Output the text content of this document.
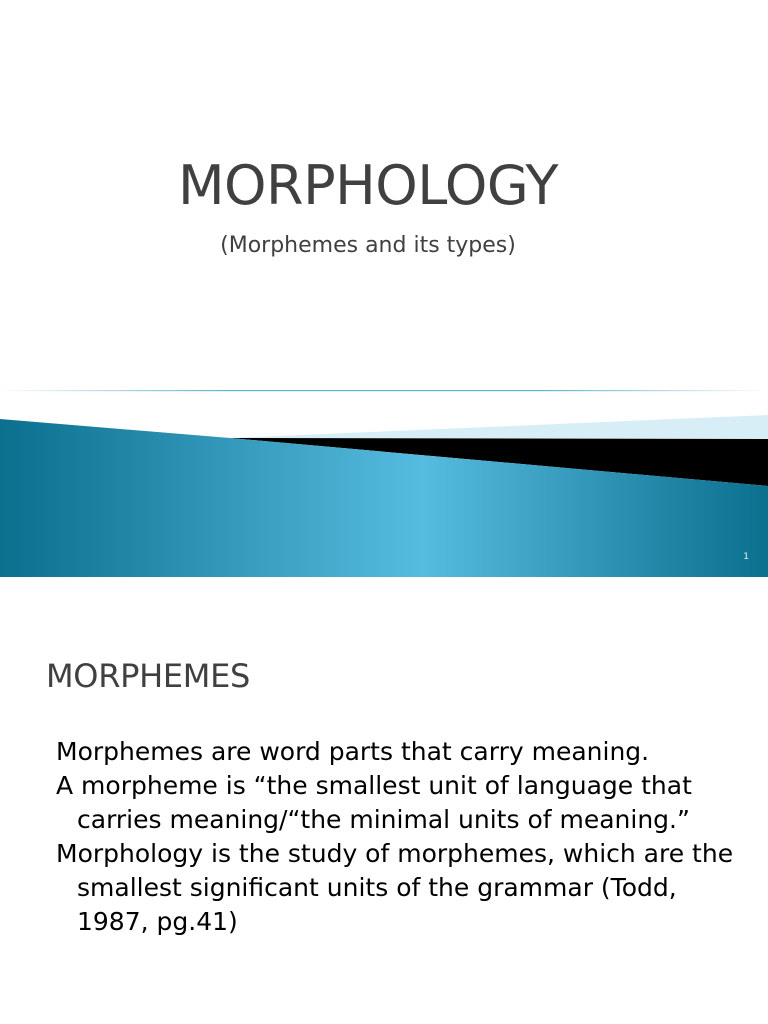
MORPHOLOGY
(Morphemes and its types)
1
MORPHEMES
Morphemes are word parts that carry meaning.
A morpheme is “the smallest unit of language that carries meaning/“the minimal units of meaning.”
Morphology is the study of morphemes, which are the smallest significant units of the grammar (Todd, 1987, pg.41)
